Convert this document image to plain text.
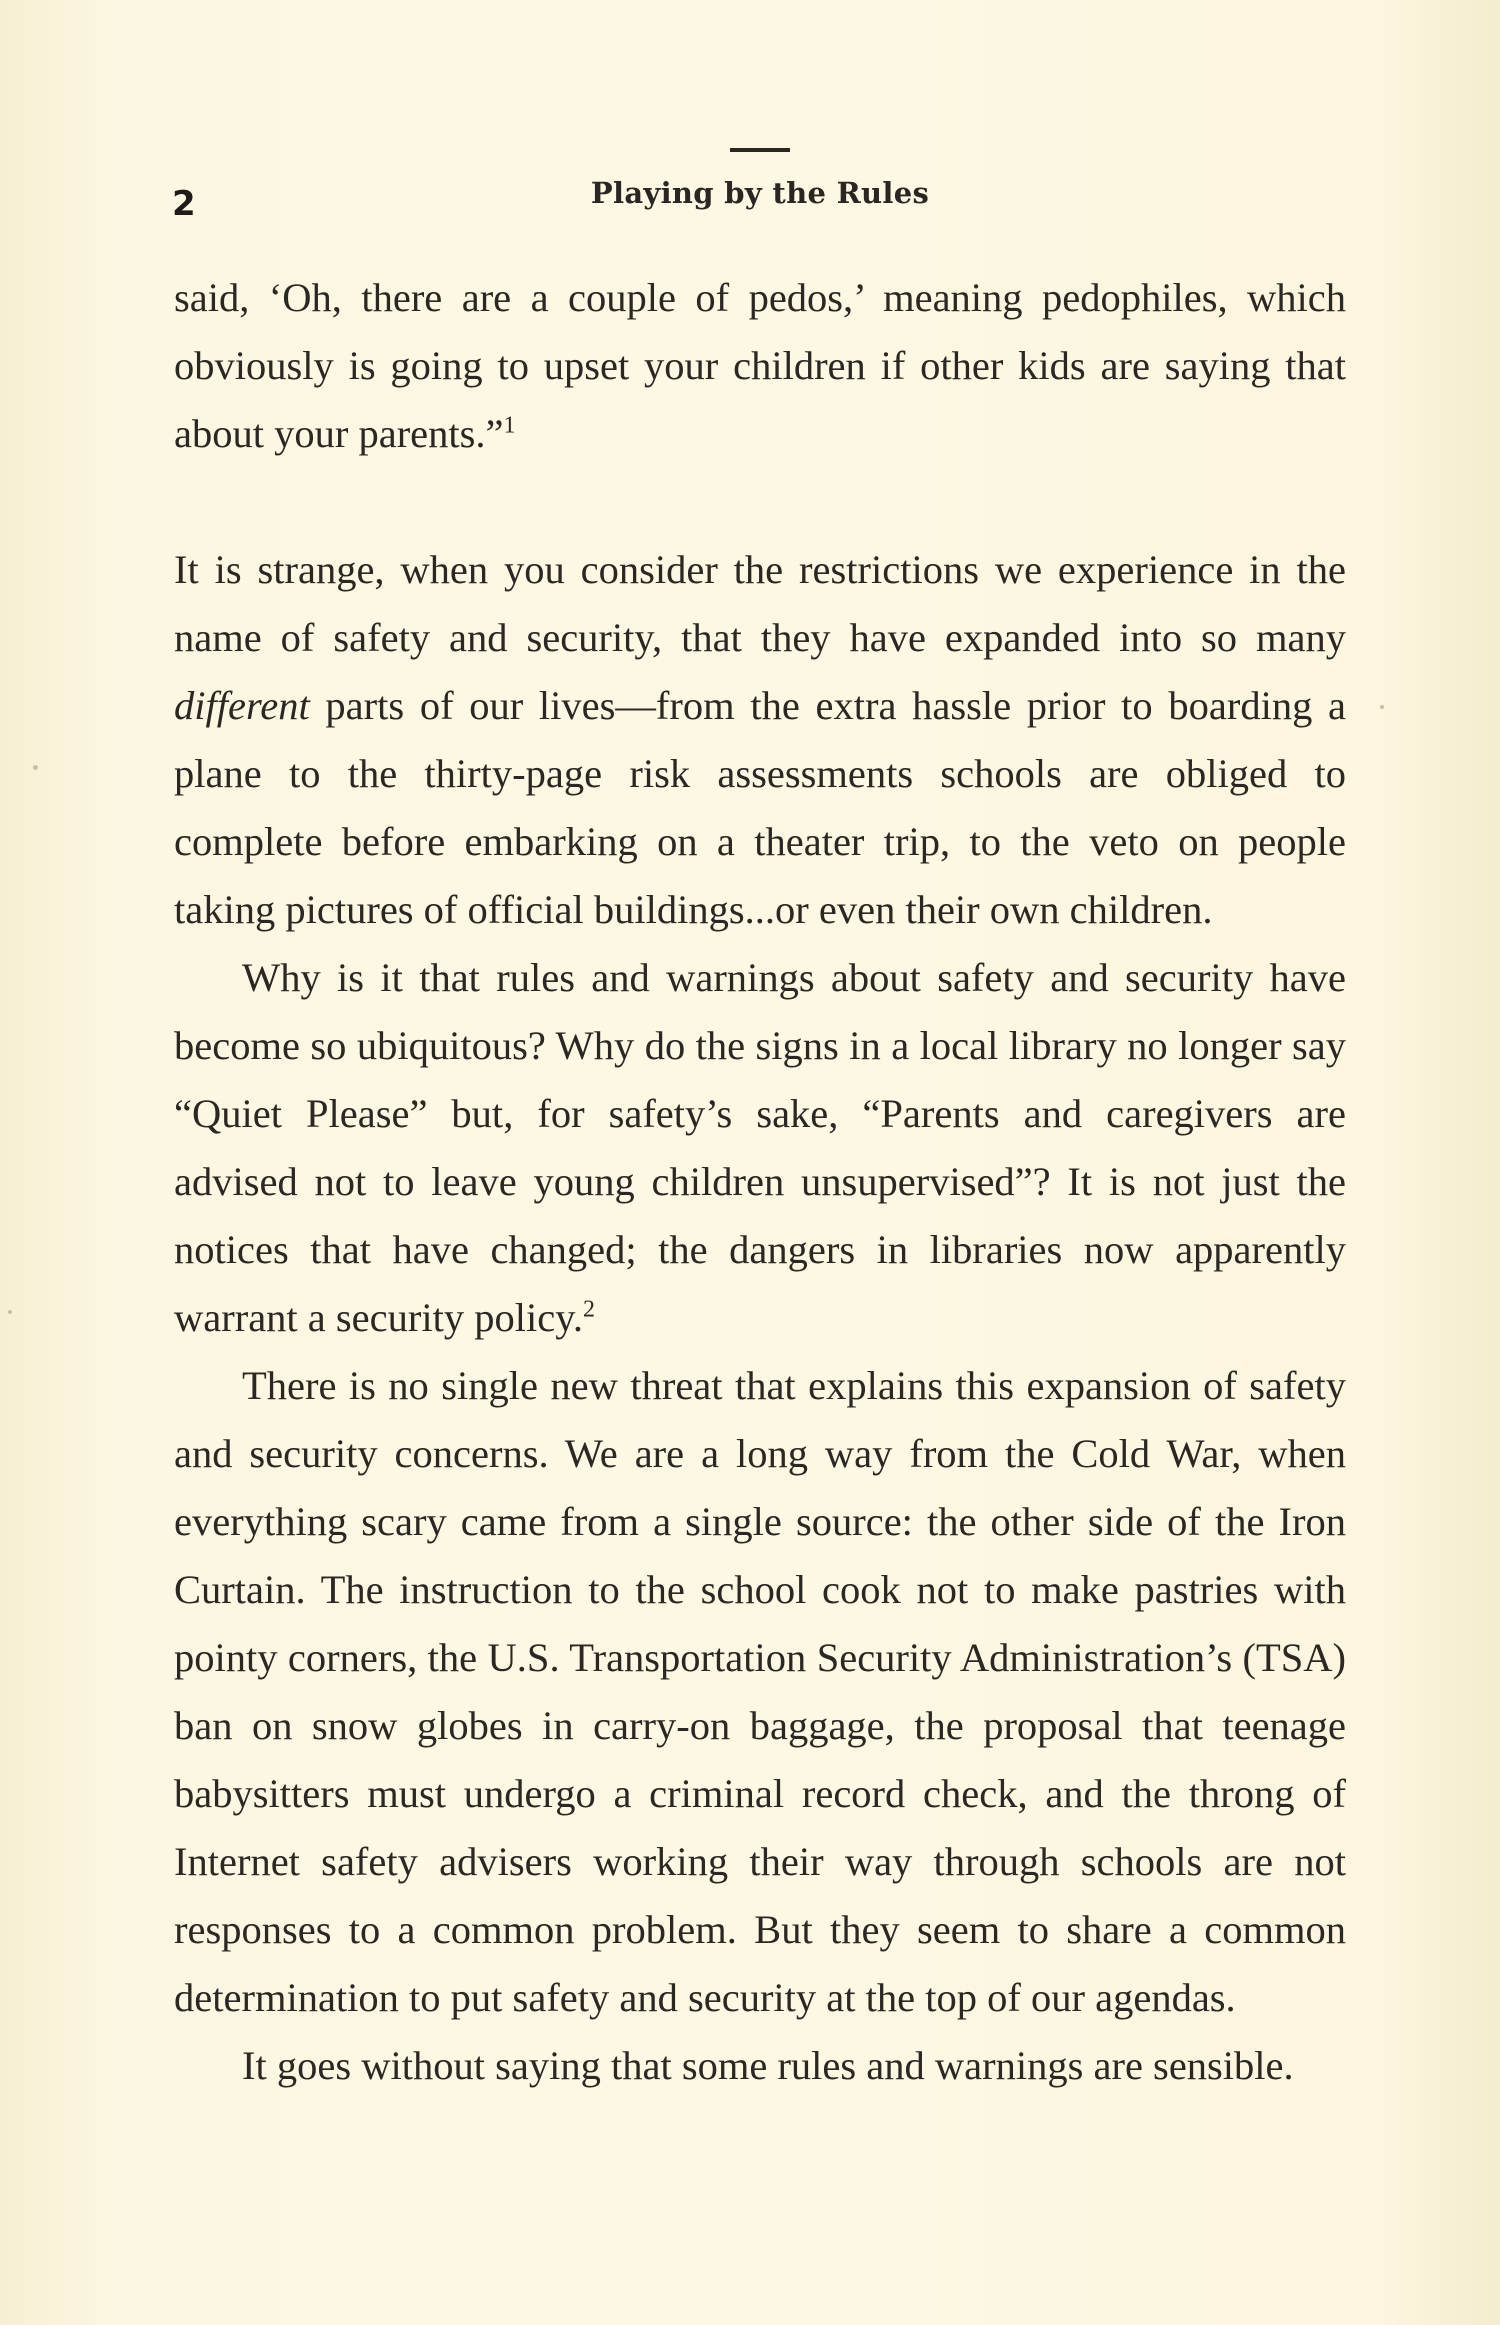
2	Playing by the Rules

said, ‘Oh, there are a couple of pedos,’ meaning pedophiles, which obviously is going to upset your children if other kids are saying that about your parents.”$^1$

It is strange, when you consider the restrictions we experience in the name of safety and security, that they have expanded into so many different parts of our lives—from the extra hassle prior to boarding a plane to the thirty-page risk assessments schools are obliged to complete before embarking on a theater trip, to the veto on people taking pictures of official buildings...or even their own children.

Why is it that rules and warnings about safety and security have become so ubiquitous? Why do the signs in a local library no longer say “Quiet Please” but, for safety’s sake, “Parents and caregivers are advised not to leave young children unsupervised”? It is not just the notices that have changed; the dangers in libraries now apparently warrant a security policy.$^2$

There is no single new threat that explains this expansion of safety and security concerns. We are a long way from the Cold War, when everything scary came from a single source: the other side of the Iron Curtain. The instruction to the school cook not to make pastries with pointy corners, the U.S. Transportation Security Administration’s (TSA) ban on snow globes in carry-on baggage, the proposal that teenage babysitters must undergo a criminal record check, and the throng of Internet safety advisers working their way through schools are not responses to a common problem. But they seem to share a common determination to put safety and security at the top of our agendas.

It goes without saying that some rules and warnings are sensible.
